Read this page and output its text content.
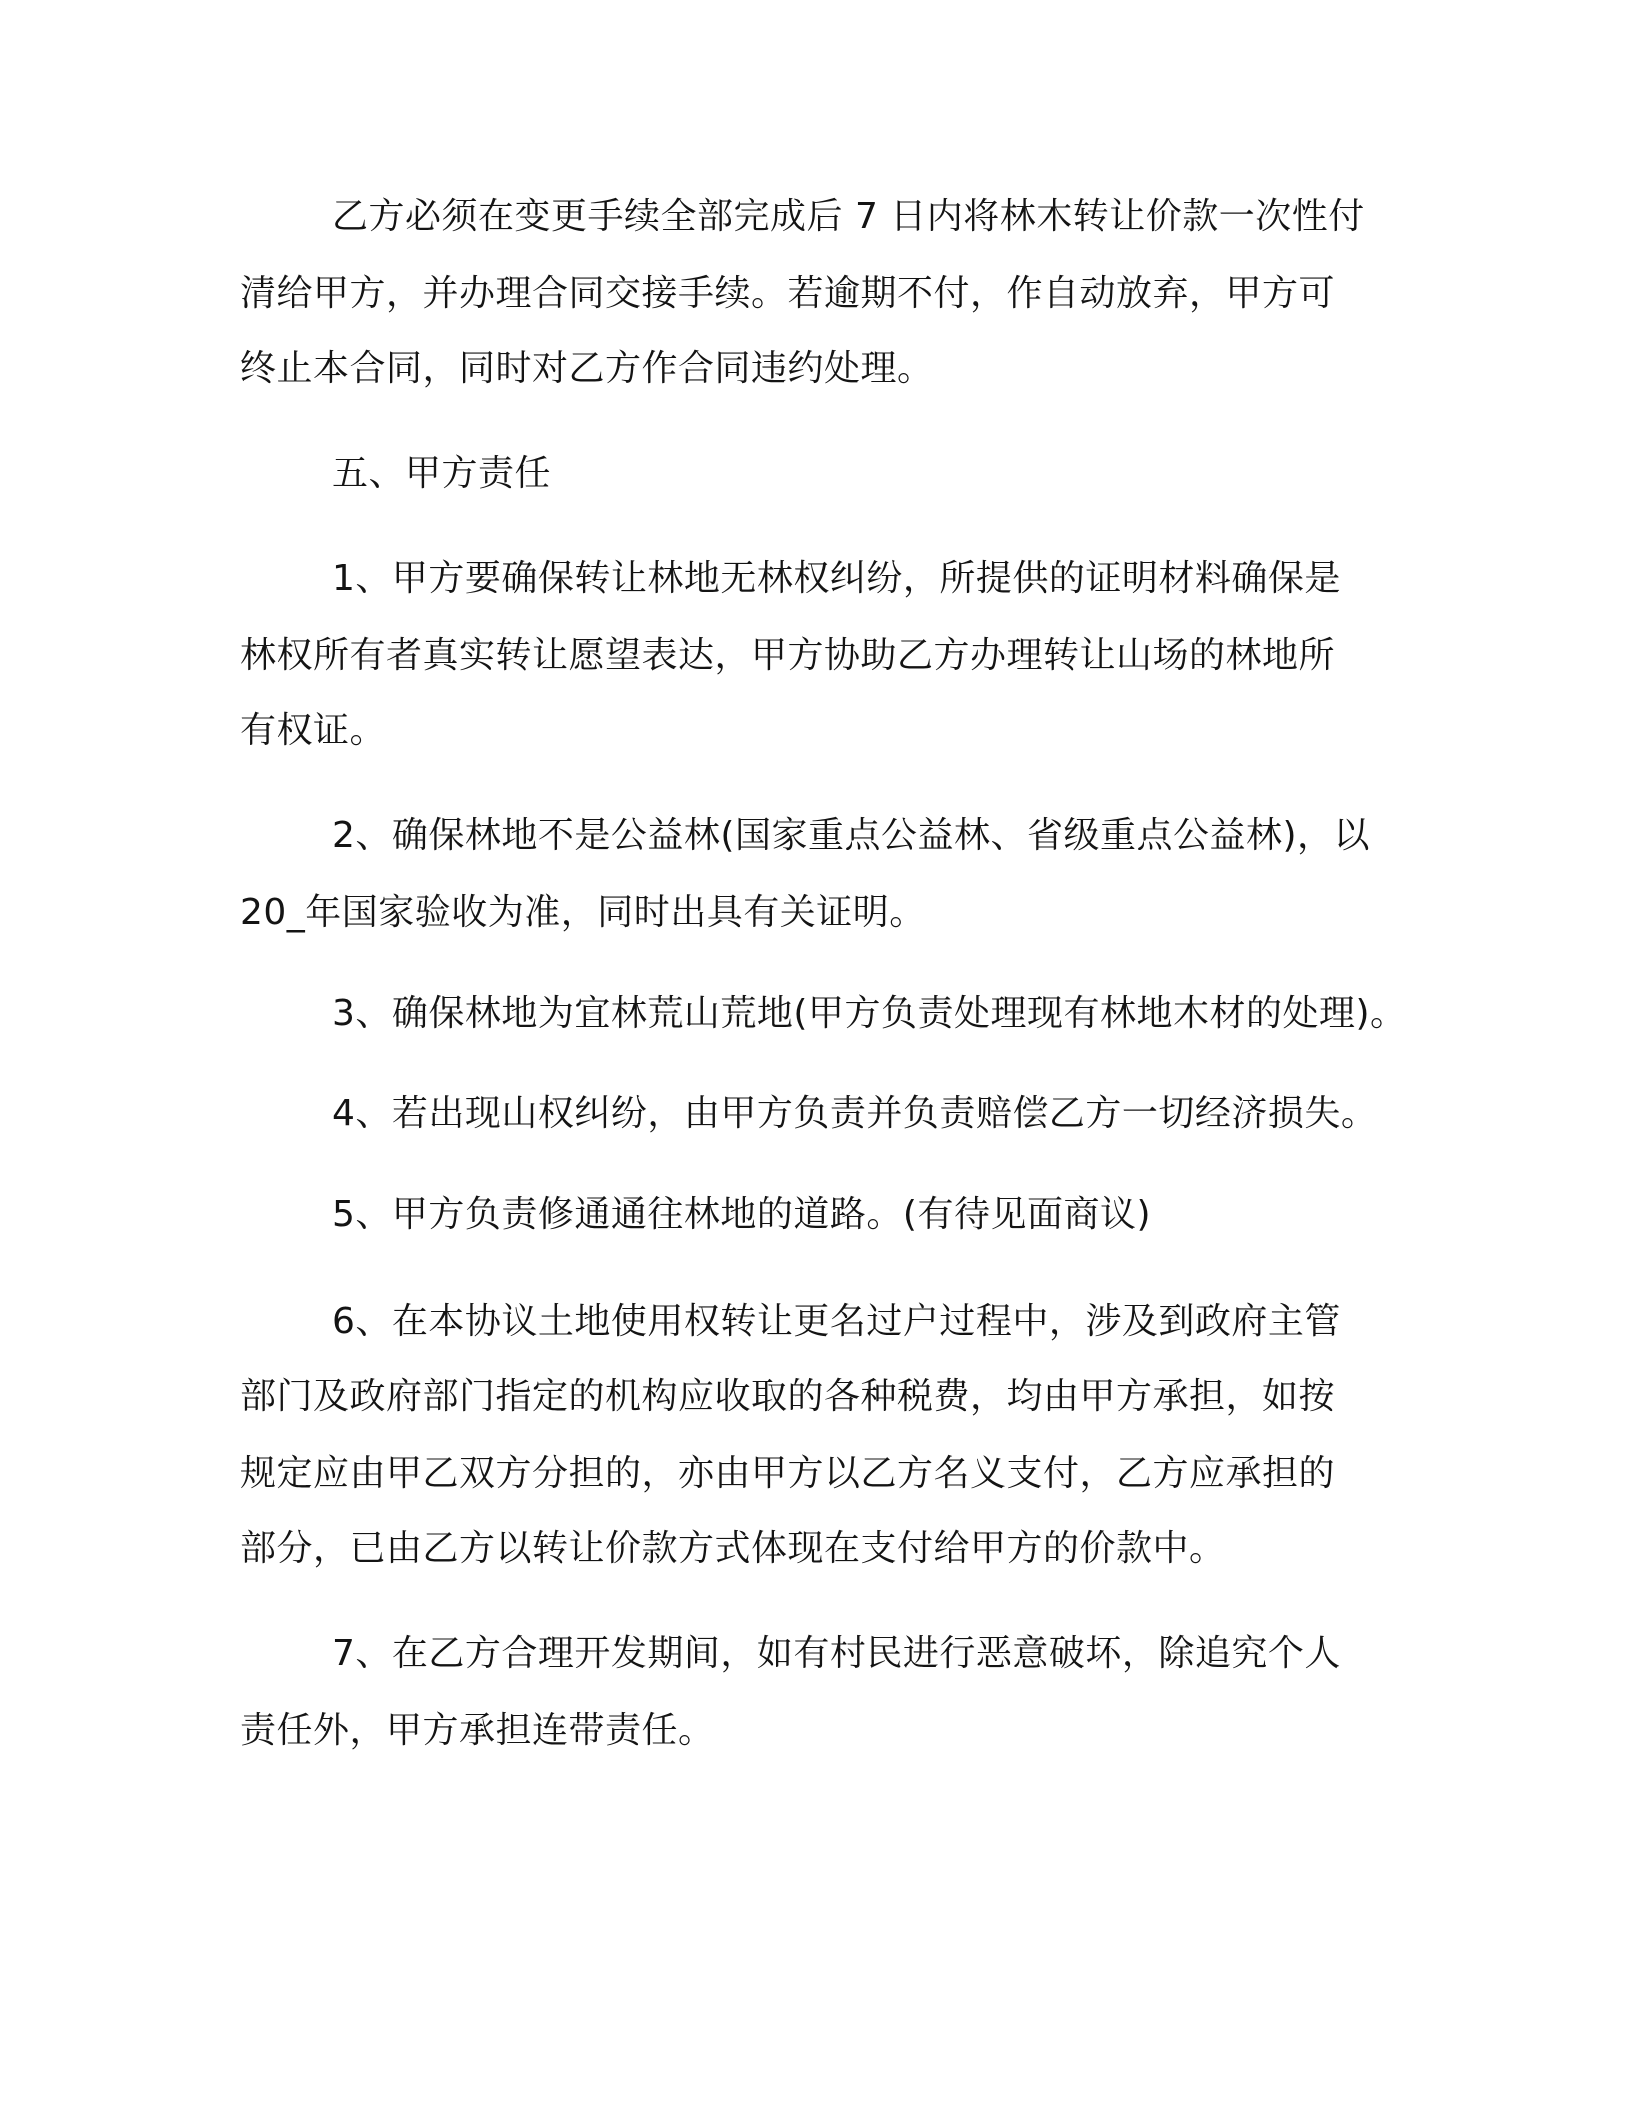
乙方必须在变更手续全部完成后 7 日内将林木转让价款一次性付
清给甲方，并办理合同交接手续。若逾期不付，作自动放弃，甲方可
终止本合同，同时对乙方作合同违约处理。
五、甲方责任
1、甲方要确保转让林地无林权纠纷，所提供的证明材料确保是
林权所有者真实转让愿望表达，甲方协助乙方办理转让山场的林地所
有权证。
2、确保林地不是公益林(国家重点公益林、省级重点公益林)，以
20_年国家验收为准，同时出具有关证明。
3、确保林地为宜林荒山荒地(甲方负责处理现有林地木材的处理)。
4、若出现山权纠纷，由甲方负责并负责赔偿乙方一切经济损失。
5、甲方负责修通通往林地的道路。(有待见面商议)
6、在本协议土地使用权转让更名过户过程中，涉及到政府主管
部门及政府部门指定的机构应收取的各种税费，均由甲方承担，如按
规定应由甲乙双方分担的，亦由甲方以乙方名义支付，乙方应承担的
部分，已由乙方以转让价款方式体现在支付给甲方的价款中。
7、在乙方合理开发期间，如有村民进行恶意破坏，除追究个人
责任外，甲方承担连带责任。
